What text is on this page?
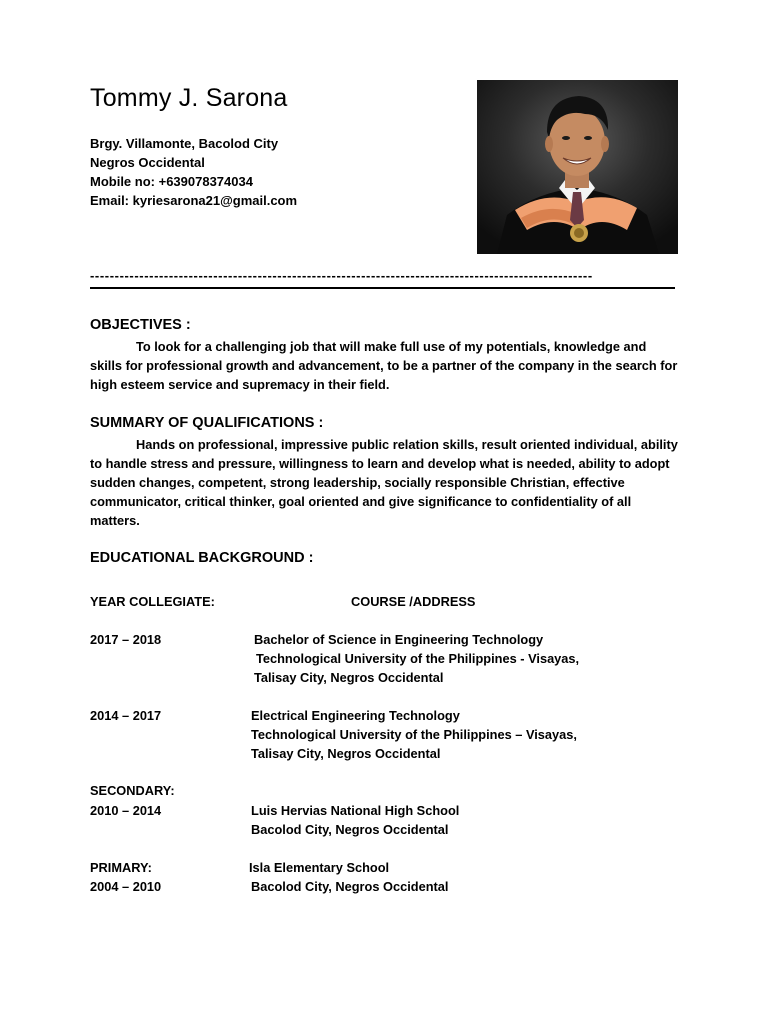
Tommy J. Sarona
Brgy. Villamonte, Bacolod City
Negros Occidental
Mobile no: +639078374034
Email: kyriesarona21@gmail.com
------------------------------------------------------------------------------------------------------
OBJECTIVES :
To look for a challenging job that will make full use of my potentials, knowledge and skills for professional growth and advancement, to be a partner of the company in the search for high esteem service and supremacy in their field.
SUMMARY OF QUALIFICATIONS :
Hands on professional, impressive public relation skills, result oriented individual, ability to handle stress and pressure, willingness to learn and develop what is needed, ability to adopt sudden changes, competent, strong leadership, socially responsible Christian, effective communicator, critical thinker, goal oriented and give significance to confidentiality of all matters.
EDUCATIONAL BACKGROUND :
YEAR COLLEGIATE:	COURSE /ADDRESS
2017 – 2018	Bachelor of Science in Engineering Technology
Technological University of the Philippines - Visayas,
Talisay City, Negros Occidental
2014 – 2017	Electrical Engineering Technology
Technological University of the Philippines – Visayas,
Talisay City, Negros Occidental
SECONDARY:
2010 – 2014	Luis Hervias National High School
Bacolod City, Negros Occidental
PRIMARY:	Isla Elementary School
2004 – 2010	Bacolod City, Negros Occidental
